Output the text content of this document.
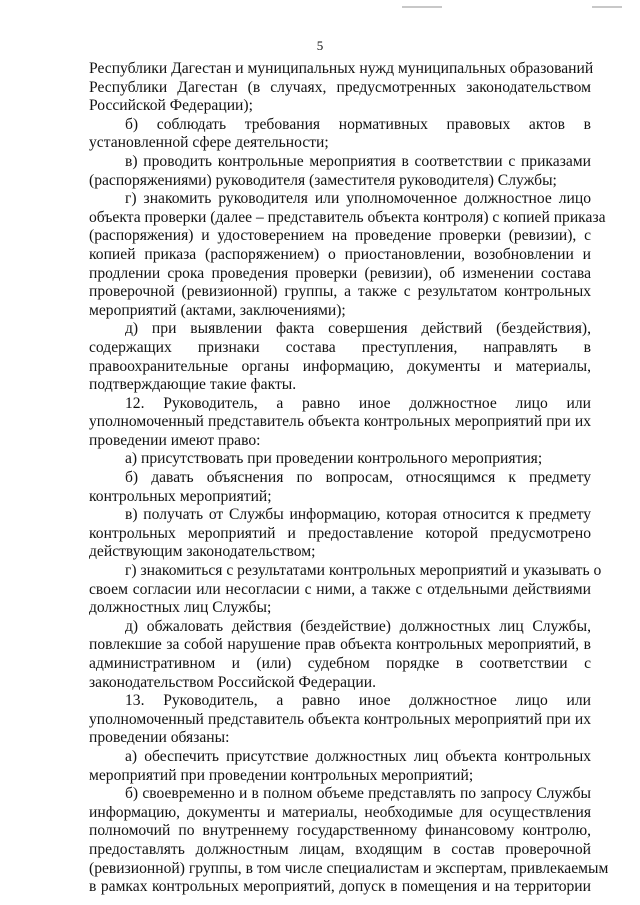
5
Республики Дагестан и муниципальных нужд муниципальных образований
Республики Дагестан (в случаях, предусмотренных законодательством
Российской Федерации);
б) соблюдать требования нормативных правовых актов в
установленной сфере деятельности;
в) проводить контрольные мероприятия в соответствии с приказами
(распоряжениями) руководителя (заместителя руководителя) Службы;
г) знакомить руководителя или уполномоченное должностное лицо
объекта проверки (далее – представитель объекта контроля) с копией приказа
(распоряжения) и удостоверением на проведение проверки (ревизии), с
копией приказа (распоряжением) о приостановлении, возобновлении и
продлении срока проведения проверки (ревизии), об изменении состава
проверочной (ревизионной) группы, а также с результатом контрольных
мероприятий (актами, заключениями);
д) при выявлении факта совершения действий (бездействия),
содержащих признаки состава преступления, направлять в
правоохранительные органы информацию, документы и материалы,
подтверждающие такие факты.
12. Руководитель, а равно иное должностное лицо или
уполномоченный представитель объекта контрольных мероприятий при их
проведении имеют право:
а) присутствовать при проведении контрольного мероприятия;
б) давать объяснения по вопросам, относящимся к предмету
контрольных мероприятий;
в) получать от Службы информацию, которая относится к предмету
контрольных мероприятий и предоставление которой предусмотрено
действующим законодательством;
г) знакомиться с результатами контрольных мероприятий и указывать о
своем согласии или несогласии с ними, а также с отдельными действиями
должностных лиц Службы;
д) обжаловать действия (бездействие) должностных лиц Службы,
повлекшие за собой нарушение прав объекта контрольных мероприятий, в
административном и (или) судебном порядке в соответствии с
законодательством Российской Федерации.
13. Руководитель, а равно иное должностное лицо или
уполномоченный представитель объекта контрольных мероприятий при их
проведении обязаны:
а) обеспечить присутствие должностных лиц объекта контрольных
мероприятий при проведении контрольных мероприятий;
б) своевременно и в полном объеме представлять по запросу Службы
информацию, документы и материалы, необходимые для осуществления
полномочий по внутреннему государственному финансовому контролю,
предоставлять должностным лицам, входящим в состав проверочной
(ревизионной) группы, в том числе специалистам и экспертам, привлекаемым
в рамках контрольных мероприятий, допуск в помещения и на территории
